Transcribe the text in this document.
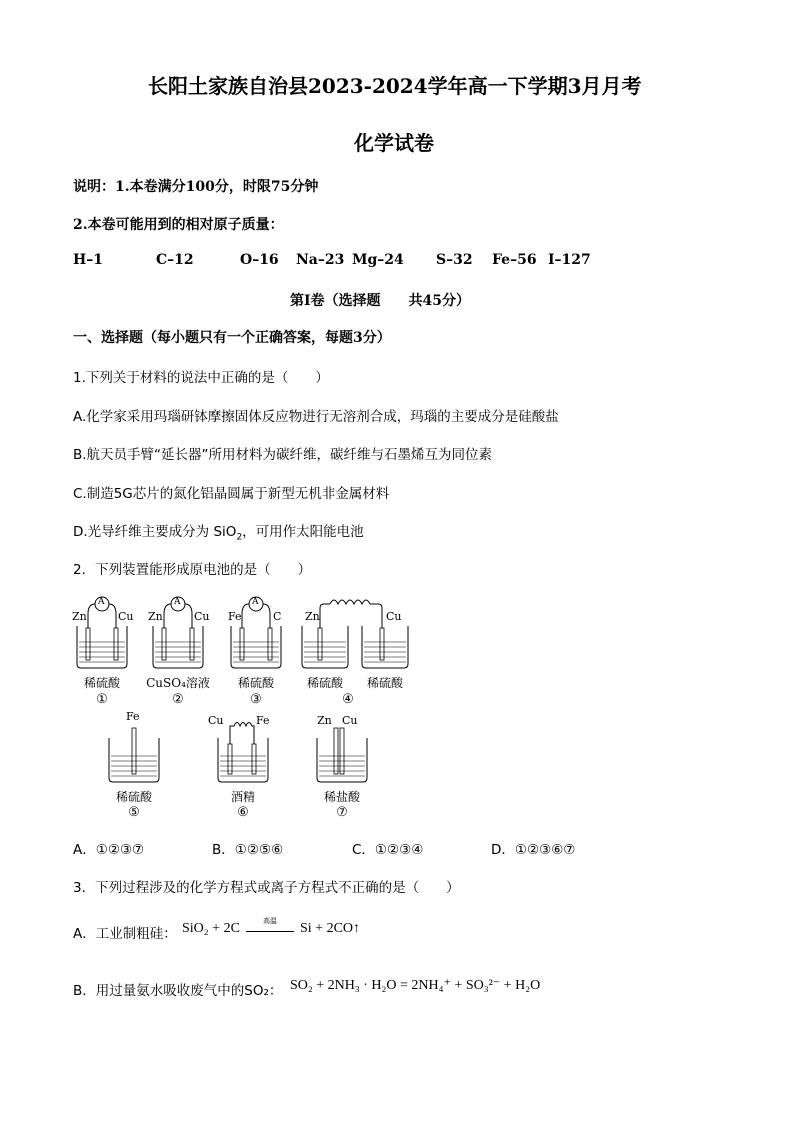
长阳土家族自治县2023-2024学年高一下学期3月月考
化学试卷
说明：1.本卷满分100分，时限75分钟
2.本卷可能用到的相对原子质量：
H–1	C–12	O–16 Na–23 Mg–24 S–32 Fe–56 I–127
第Ⅰ卷（选择题　　共45分）
一、选择题（每小题只有一个正确答案，每题3分）
1.下列关于材料的说法中正确的是（　　）
A.化学家采用玛瑙研钵摩擦固体反应物进行无溶剂合成，玛瑙的主要成分是硅酸盐
B.航天员手臂“延长器”所用材料为碳纤维，碳纤维与石墨烯互为同位素
C.制造5G芯片的氮化铝晶圆属于新型无机非金属材料
D.光导纤维主要成分为 SiO$_2$，可用作太阳能电池
2．下列装置能形成原电池的是（　　）
A
Zn	Cu
稀硫酸
①
A
Zn	Cu
CuSO₄溶液
②
A
Fe	C
稀硫酸
③
Zn	Cu
稀硫酸	稀硫酸
④
Fe
稀硫酸
⑤
Cu	Fe
酒精
⑥
Zn Cu
稀盐酸
⑦
A．①②③⑦	B．①②⑤⑥	C．①②③④	D．①②③⑥⑦
3．下列过程涉及的化学方程式或离子方程式不正确的是（　　）
A．工业制粗硅： SiO₂ + 2C	高温	Si + 2CO↑
B．用过量氨水吸收废气中的SO₂： SO₂ + 2NH₃ · H₂O = 2NH₄⁺ + SO₃²⁻ + H₂O
